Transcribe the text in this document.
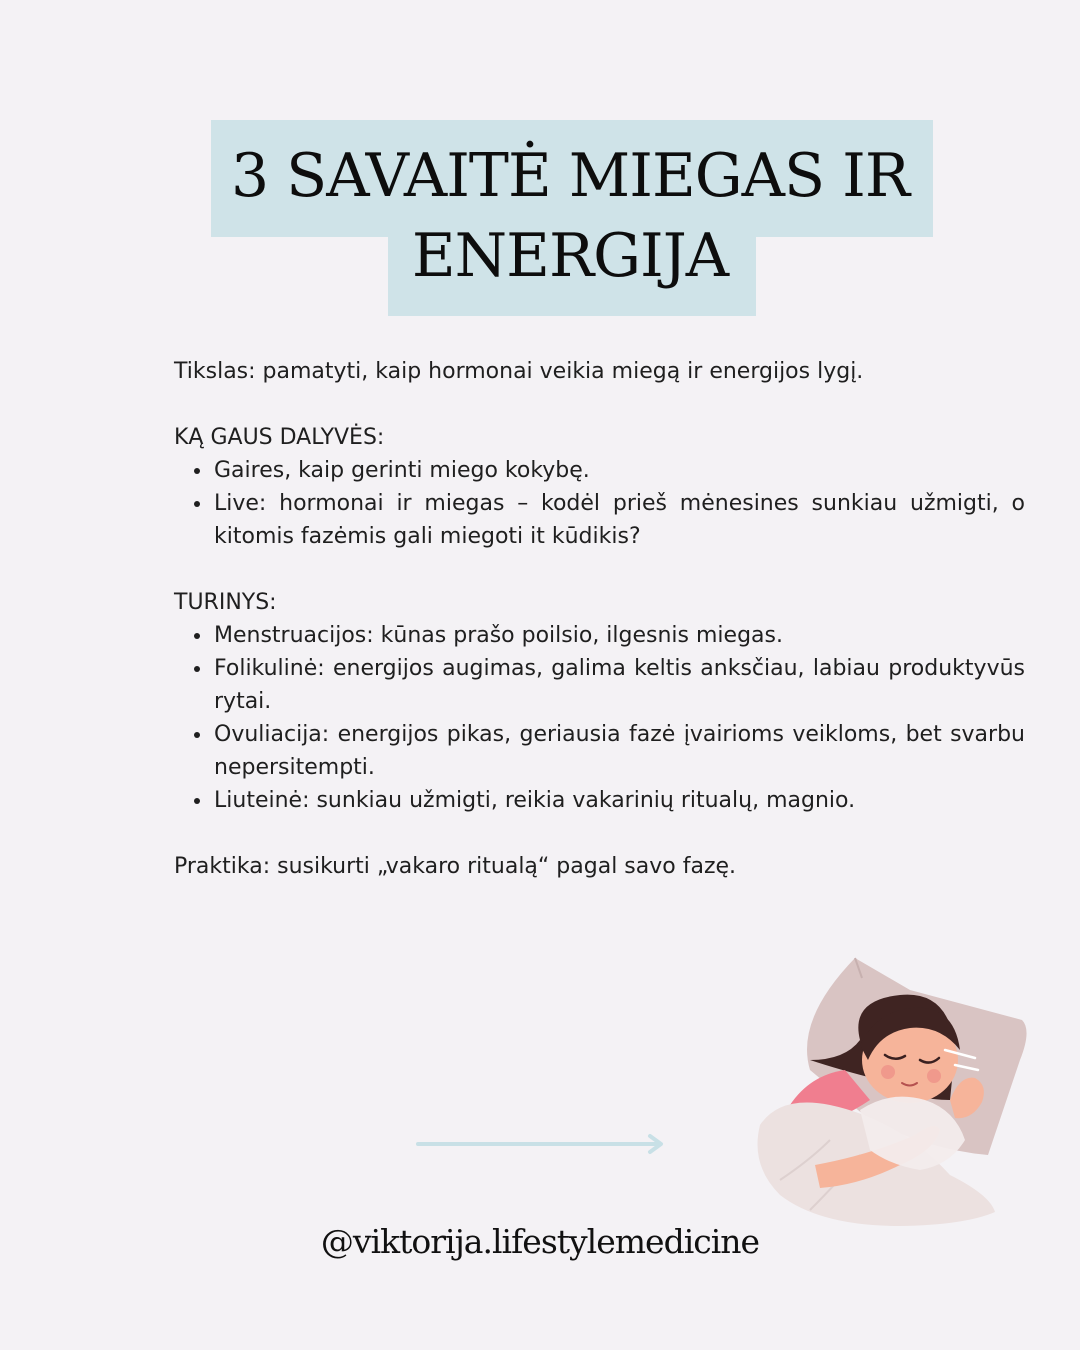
3 SAVAITĖ MIEGAS IR
ENERGIJA

Tikslas: pamatyti, kaip hormonai veikia miegą ir energijos lygį.

KĄ GAUS DALYVĖS:

Gaires, kaip gerinti miego kokybę.
Live: hormonai ir miegas – kodėl prieš mėnesines sunkiau užmigti, o kitomis fazėmis gali miegoti it kūdikis?

TURINYS:

Menstruacijos: kūnas prašo poilsio, ilgesnis miegas.
Folikulinė: energijos augimas, galima keltis anksčiau, labiau produktyvūs rytai.
Ovuliacija: energijos pikas, geriausia fazė įvairioms veikloms, bet svarbu nepersitempti.
Liuteinė: sunkiau užmigti, reikia vakarinių ritualų, magnio.

Praktika: susikurti „vakaro ritualą“ pagal savo fazę.

@viktorija.lifestylemedicine
